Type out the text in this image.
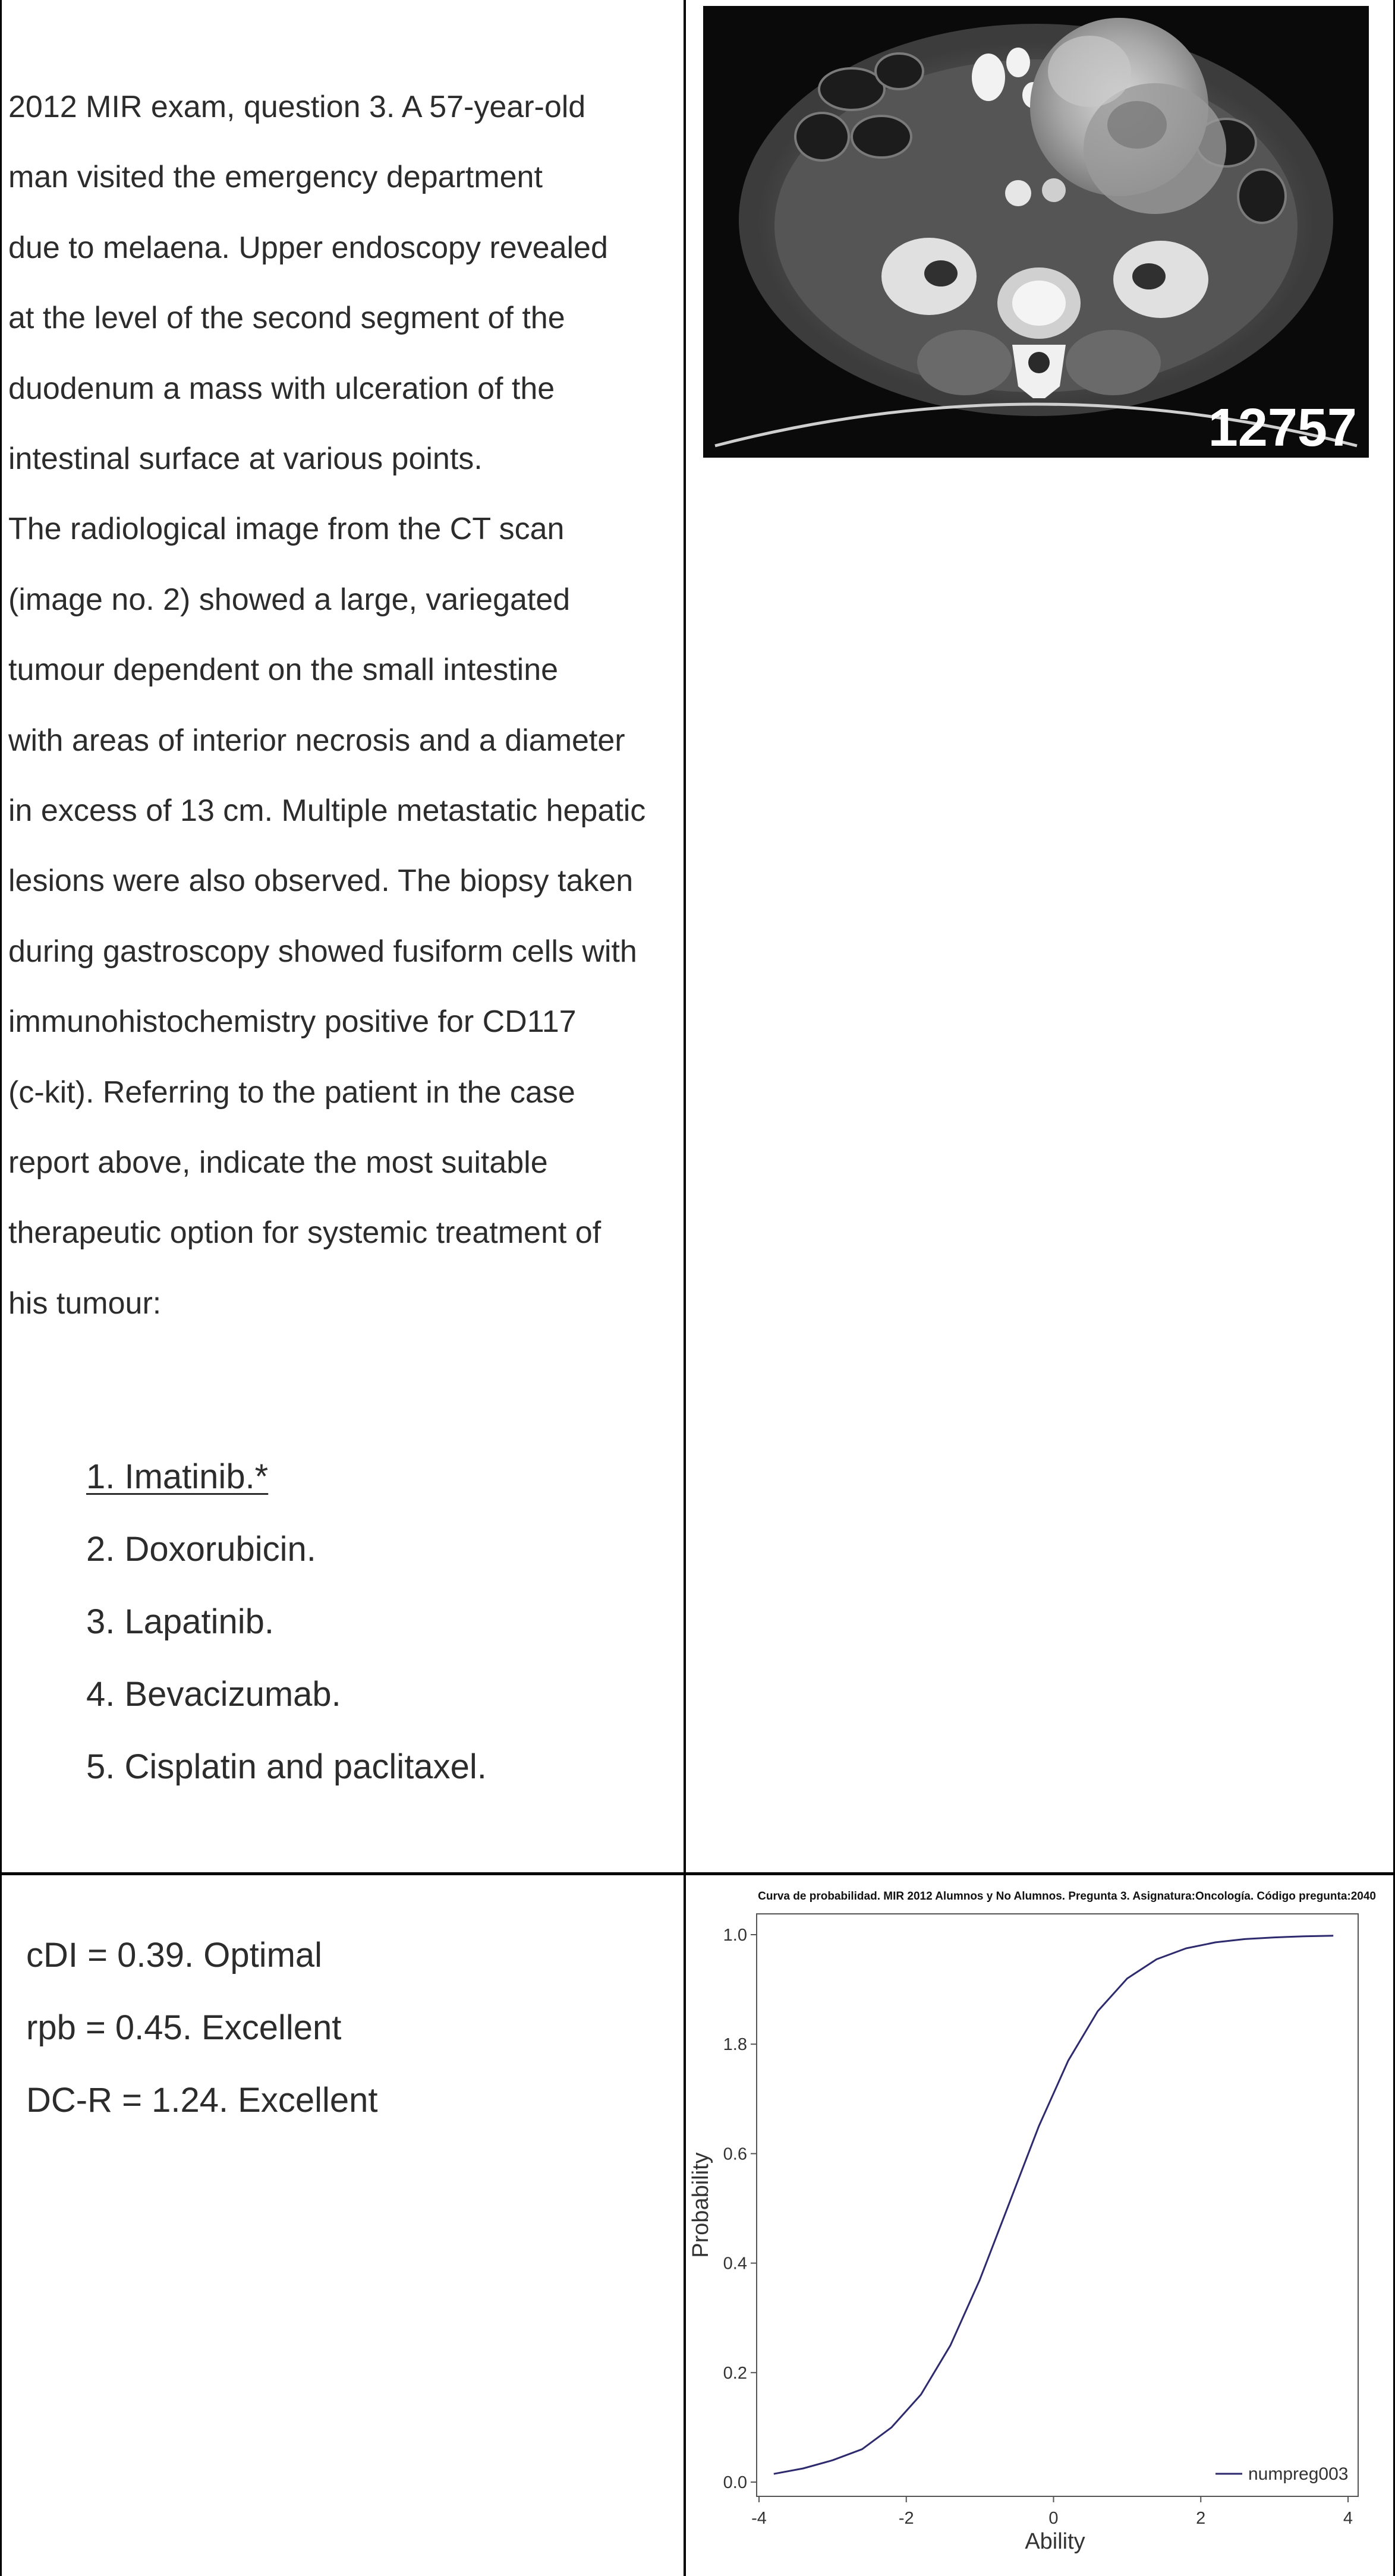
2012 MIR exam, question 3. A 57-year-old
man visited the emergency department
due to melaena. Upper endoscopy revealed
at the level of the second segment of the
duodenum a mass with ulceration of the
intestinal surface at various points.
The radiological image from the CT scan
(image no. 2) showed a large, variegated
tumour dependent on the small intestine
with areas of interior necrosis and a diameter
in excess of 13 cm. Multiple metastatic hepatic
lesions were also observed. The biopsy taken
during gastroscopy showed fusiform cells with
immunohistochemistry positive for CD117
(c-kit). Referring to the patient in the case
report above, indicate the most suitable
therapeutic option for systemic treatment of
his tumour:
1. Imatinib.*
2. Doxorubicin.
3. Lapatinib.
4. Bevacizumab.
5. Cisplatin and paclitaxel.
cDI = 0.39. Optimal
rpb = 0.45. Excellent
DC-R = 1.24. Excellent
12757
Curva de probabilidad. MIR 2012 Alumnos y No Alumnos. Pregunta 3. Asignatura:Oncología. Código pregunta:2040
0.0
0.2
0.4
0.6
1.8
1.0
-4	-2	0	2	4
Probability
Ability
numpreg003
